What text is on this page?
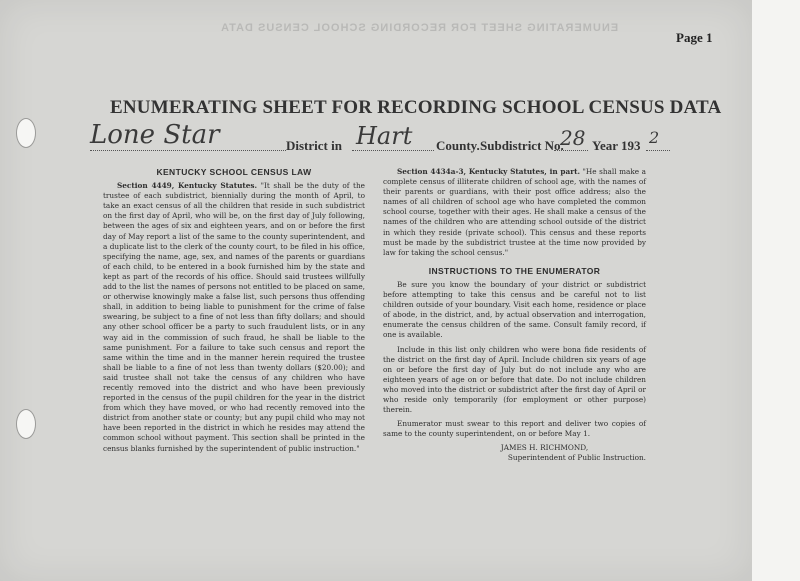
ENUMERATING SHEET FOR RECORDING SCHOOL CENSUS DATA
ENUMERATING SHEET FOR RECORDING SCHOOL CENSUS DATA
Lone Star	District in Hart County. Subdistrict No.
28 Year 193 2
KENTUCKY SCHOOL CENSUS LAW

Section 4449, Kentucky Statutes. "It shall be the duty of the trustee of each subdistrict, biennially during the month of April, to take an exact census of all the children that reside in such subdistrict on the first day of April, who will be, on the first day of July following, between the ages of six and eighteen years, and on or before the first day of May report a list of the same to the county superintendent, and a duplicate list to the clerk of the county court, to be filed in his office, specifying the name, age, sex, and names of the parents or guardians of each child, to be entered in a book furnished him by the state and kept as part of the records of his office. Should said trustees willfully add to the list the names of persons not entitled to be placed on same, or otherwise knowingly make a false list, such persons thus offending shall, in addition to being liable to punishment for the crime of false swearing, be subject to a fine of not less than fifty dollars; and should any other school officer be a party to such fraudulent lists, or in any way aid in the commission of such fraud, he shall be liable to the same punishment. For a failure to take such census and report the same within the time and in the manner herein required the trustee shall be liable to a fine of not less than twenty dollars ($20.00); and said trustee shall not take the census of any children who have recently removed into the district and who have been previously reported in the census of the pupil children for the year in the district from which they have moved, or who had recently removed into the district from another state or county; but any pupil child who may not have been reported in the district in which he resides may attend the common school without payment. This section shall be printed in the census blanks furnished by the superintendent of public instruction."

Section 4434a-3, Kentucky Statutes, in part. "He shall make a complete census of illiterate children of school age, with the names of their parents or guardians, with their post office address; also the names of all children of school age who have completed the common school course, together with their ages. He shall make a census of the names of the children who are attending school outside of the district in which they reside (private school). This census and these reports must be made by the subdistrict trustee at the time now provided by law for taking the school census."

INSTRUCTIONS TO THE ENUMERATOR

Be sure you know the boundary of your district or subdistrict before attempting to take this census and be careful not to list children outside of your boundary. Visit each home, residence or place of abode, in the district, and, by actual observation and interrogation, enumerate the census children of the same. Consult family record, if one is available.

Include in this list only children who were bona fide residents of the district on the first day of April. Include children six years of age on or before the first day of July but do not include any who are eighteen years of age on or before that date. Do not include children who moved into the district or subdistrict after the first day of April or who reside only temporarily (for employment or other purpose) therein.

Enumerator must swear to this report and deliver two copies of same to the county superintendent, on or before May 1.

JAMES H. RICHMOND,
Superintendent of Public Instruction.
Page 1
